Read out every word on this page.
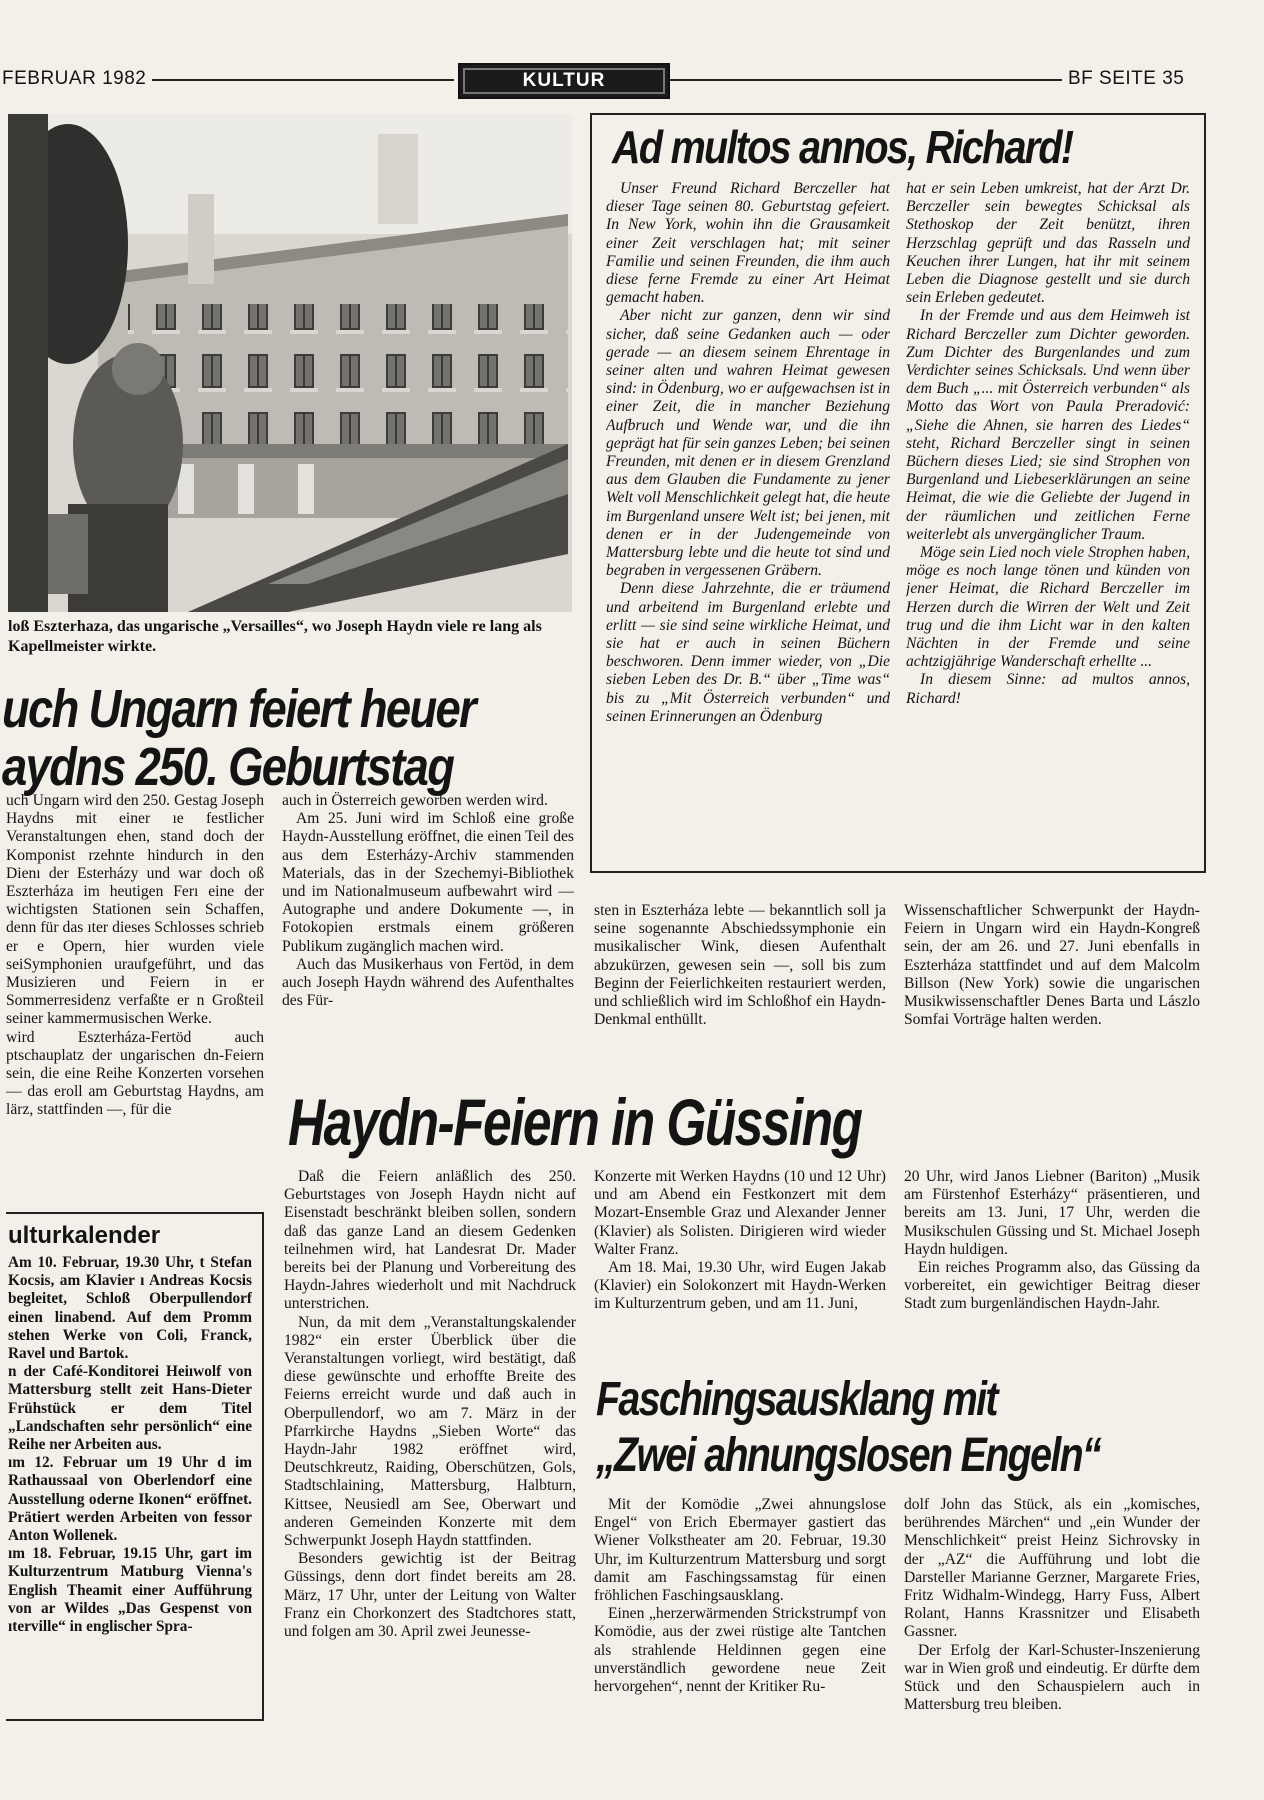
FEBRUAR 1982	KULTUR	BF SEITE 35
loß Eszterhaza, das ungarische „Versailles“, wo Joseph Haydn viele re lang als Kapellmeister wirkte.
Ad multos annos, Richard!

Unser Freund Richard Berczeller hat dieser Tage seinen 80. Geburtstag gefeiert. In New York, wohin ihn die Grausamkeit einer Zeit verschlagen hat; mit seiner Familie und seinen Freunden, die ihm auch diese ferne Fremde zu einer Art Heimat gemacht haben.

Aber nicht zur ganzen, denn wir sind sicher, daß seine Gedanken auch — oder gerade — an diesem seinem Ehrentage in seiner alten und wahren Heimat gewesen sind: in Ödenburg, wo er aufgewachsen ist in einer Zeit, die in mancher Beziehung Aufbruch und Wende war, und die ihn geprägt hat für sein ganzes Leben; bei seinen Freunden, mit denen er in diesem Grenzland aus dem Glauben die Fundamente zu jener Welt voll Menschlichkeit gelegt hat, die heute im Burgenland unsere Welt ist; bei jenen, mit denen er in der Judengemeinde von Mattersburg lebte und die heute tot sind und begraben in vergessenen Gräbern.

Denn diese Jahrzehnte, die er träumend und arbeitend im Burgenland erlebte und erlitt — sie sind seine wirkliche Heimat, und sie hat er auch in seinen Büchern beschworen. Denn immer wieder, von „Die sieben Leben des Dr. B.“ über „Time was“ bis zu „Mit Österreich verbunden“ und seinen Erinnerungen an Ödenburg

hat er sein Leben umkreist, hat der Arzt Dr. Berczeller sein bewegtes Schicksal als Stethoskop der Zeit benützt, ihren Herzschlag geprüft und das Rasseln und Keuchen ihrer Lungen, hat ihr mit seinem Leben die Diagnose gestellt und sie durch sein Erleben gedeutet.

In der Fremde und aus dem Heimweh ist Richard Berczeller zum Dichter geworden. Zum Dichter des Burgenlandes und zum Verdichter seines Schicksals. Und wenn über dem Buch „... mit Österreich verbunden“ als Motto das Wort von Paula Preradović: „Siehe die Ahnen, sie harren des Liedes“ steht, Richard Berczeller singt in seinen Büchern dieses Lied; sie sind Strophen von Burgenland und Liebeserklärungen an seine Heimat, die wie die Geliebte der Jugend in der räumlichen und zeitlichen Ferne weiterlebt als unvergänglicher Traum.

Möge sein Lied noch viele Strophen haben, möge es noch lange tönen und künden von jener Heimat, die Richard Berczeller im Herzen durch die Wirren der Welt und Zeit trug und die ihm Licht war in den kalten Nächten in der Fremde und seine achtzigjährige Wanderschaft erhellte ...

In diesem Sinne: ad multos annos, Richard!

uch Ungarn feiert heuer
aydns 250. Geburtstag

uch Ungarn wird den 250. Gestag Joseph Haydns mit einer ıe festlicher Veranstaltungen ehen, stand doch der Komponist rzehnte hindurch in den Dienı der Esterházy und war doch oß Eszterháza im heutigen Ferı eine der wichtigsten Stationen sein Schaffen, denn für das ıter dieses Schlosses schrieb er e Opern, hier wurden viele seiSymphonien uraufgeführt, und das Musizieren und Feiern in er Sommerresidenz verfaßte er n Großteil seiner kammermusischen Werke.

wird Eszterháza-Fertöd auch ptschauplatz der ungarischen dn-Feiern sein, die eine Reihe Konzerten vorsehen — das eroll am Geburtstag Haydns, am lärz, stattfinden —, für die

auch in Österreich geworben werden wird.

Am 25. Juni wird im Schloß eine große Haydn-Ausstellung eröffnet, die einen Teil des aus dem Esterházy-Archiv stammenden Materials, das in der Szechemyi-Bibliothek und im Nationalmuseum aufbewahrt wird — Autographe und andere Dokumente —, in Fotokopien erstmals einem größeren Publikum zugänglich machen wird.

Auch das Musikerhaus von Fertöd, in dem auch Joseph Haydn während des Aufenthaltes des Für-

sten in Eszterháza lebte — bekanntlich soll ja seine sogenannte Abschiedssymphonie ein musikalischer Wink, diesen Aufenthalt abzukürzen, gewesen sein —, soll bis zum Beginn der Feierlichkeiten restauriert werden, und schließlich wird im Schloßhof ein Haydn-Denkmal enthüllt.

Wissenschaftlicher Schwerpunkt der Haydn-Feiern in Ungarn wird ein Haydn-Kongreß sein, der am 26. und 27. Juni ebenfalls in Eszterháza stattfindet und auf dem Malcolm Billson (New York) sowie die ungarischen Musikwissenschaftler Denes Barta und Lászlo Somfai Vorträge halten werden.

ulturkalender

Am 10. Februar, 19.30 Uhr, t Stefan Kocsis, am Klavier ı Andreas Kocsis begleitet, Schloß Oberpullendorf einen linabend. Auf dem Promm stehen Werke von Coli, Franck, Ravel und Bartok.

n der Café-Konditorei Heiıwolf von Mattersburg stellt zeit Hans-Dieter Frühstück er dem Titel „Landschaften sehr persönlich“ eine Reihe ner Arbeiten aus.

ım 12. Februar um 19 Uhr d im Rathaussaal von Oberlendorf eine Ausstellung oderne Ikonen“ eröffnet. Prätiert werden Arbeiten von fessor Anton Wollenek.

ım 18. Februar, 19.15 Uhr, gart im Kulturzentrum Matıburg Vienna's English Theamit einer Aufführung von ar Wildes „Das Gespenst von ıterville“ in englischer Spra-

Haydn-Feiern in Güssing

Daß die Feiern anläßlich des 250. Geburtstages von Joseph Haydn nicht auf Eisenstadt beschränkt bleiben sollen, sondern daß das ganze Land an diesem Gedenken teilnehmen wird, hat Landesrat Dr. Mader bereits bei der Planung und Vorbereitung des Haydn-Jahres wiederholt und mit Nachdruck unterstrichen.

Nun, da mit dem „Veranstaltungskalender 1982“ ein erster Überblick über die Veranstaltungen vorliegt, wird bestätigt, daß diese gewünschte und erhoffte Breite des Feierns erreicht wurde und daß auch in Oberpullendorf, wo am 7. März in der Pfarrkirche Haydns „Sieben Worte“ das Haydn-Jahr 1982 eröffnet wird, Deutschkreutz, Raiding, Oberschützen, Gols, Stadtschlaining, Mattersburg, Halbturn, Kittsee, Neusiedl am See, Oberwart und anderen Gemeinden Konzerte mit dem Schwerpunkt Joseph Haydn stattfinden.

Besonders gewichtig ist der Beitrag Güssings, denn dort findet bereits am 28. März, 17 Uhr, unter der Leitung von Walter Franz ein Chorkonzert des Stadtchores statt, und folgen am 30. April zwei Jeunesse-

Konzerte mit Werken Haydns (10 und 12 Uhr) und am Abend ein Festkonzert mit dem Mozart-Ensemble Graz und Alexander Jenner (Klavier) als Solisten. Dirigieren wird wieder Walter Franz.

Am 18. Mai, 19.30 Uhr, wird Eugen Jakab (Klavier) ein Solokonzert mit Haydn-Werken im Kulturzentrum geben, und am 11. Juni,

20 Uhr, wird Janos Liebner (Bariton) „Musik am Fürstenhof Esterházy“ präsentieren, und bereits am 13. Juni, 17 Uhr, werden die Musikschulen Güssing und St. Michael Joseph Haydn huldigen.

Ein reiches Programm also, das Güssing da vorbereitet, ein gewichtiger Beitrag dieser Stadt zum burgenländischen Haydn-Jahr.

Faschingsausklang mit
„Zwei ahnungslosen Engeln“

Mit der Komödie „Zwei ahnungslose Engel“ von Erich Ebermayer gastiert das Wiener Volkstheater am 20. Februar, 19.30 Uhr, im Kulturzentrum Mattersburg und sorgt damit am Faschingssamstag für einen fröhlichen Faschingsausklang.

Einen „herzerwärmenden Strickstrumpf von Komödie, aus der zwei rüstige alte Tantchen als strahlende Heldinnen gegen eine unverständlich gewordene neue Zeit hervorgehen“, nennt der Kritiker Ru-

dolf John das Stück, als ein „komisches, berührendes Märchen“ und „ein Wunder der Menschlichkeit“ preist Heinz Sichrovsky in der „AZ“ die Aufführung und lobt die Darsteller Marianne Gerzner, Margarete Fries, Fritz Widhalm-Windegg, Harry Fuss, Albert Rolant, Hanns Krassnitzer und Elisabeth Gassner.

Der Erfolg der Karl-Schuster-Inszenierung war in Wien groß und eindeutig. Er dürfte dem Stück und den Schauspielern auch in Mattersburg treu bleiben.
